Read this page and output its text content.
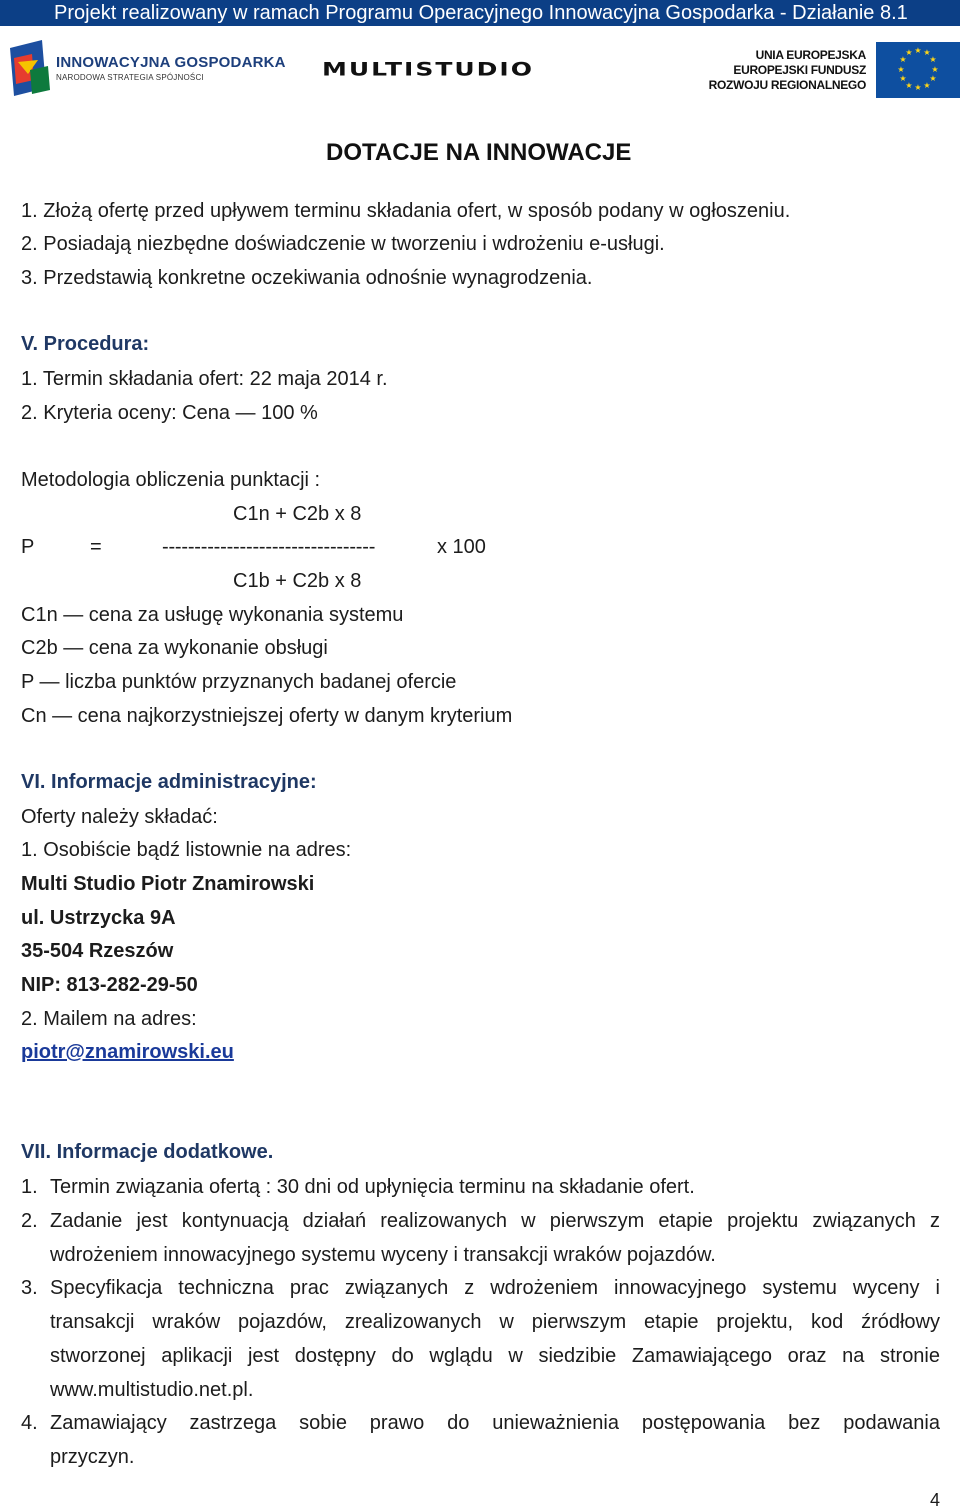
Projekt realizowany w ramach Programu Operacyjnego Innowacyjna Gospodarka - Działanie 8.1
INNOWACYJNA GOSPODARKA
NARODOWA STRATEGIA SPÓJNOŚCI	MULTISTUDIO
UNIA EUROPEJSKA
EUROPEJSKI FUNDUSZ
ROZWOJU REGIONALNEGO
★ ★
★
★
★
★
★
★
★
★
★
★
DOTACJE NA INNOWACJE
1. Złożą ofertę przed upływem terminu składania ofert, w sposób podany w ogłoszeniu.
2. Posiadają niezbędne doświadczenie w tworzeniu i wdrożeniu e-usługi.
3. Przedstawią konkretne oczekiwania odnośnie wynagrodzenia.
V. Procedura:
1. Termin składania ofert: 22 maja 2014 r.
2. Kryteria oceny: Cena — 100 %
Metodologia obliczenia punktacji :
C1n + C2b x 8
P	=	---------------------------------	x 100
C1b + C2b x 8
C1n — cena za usługę wykonania systemu
C2b — cena za wykonanie obsługi
P — liczba punktów przyznanych badanej ofercie
Cn — cena najkorzystniejszej oferty w danym kryterium
VI. Informacje administracyjne:
Oferty należy składać:
1. Osobiście bądź listownie na adres:
Multi Studio Piotr Znamirowski
ul. Ustrzycka 9A
35-504 Rzeszów
NIP: 813-282-29-50
2. Mailem na adres:
piotr@znamirowski.eu
VII. Informacje dodatkowe.
1. Termin związania ofertą : 30 dni od upłynięcia terminu na składanie ofert.
2. Zadanie jest kontynuacją działań realizowanych w pierwszym etapie projektu związanych z
wdrożeniem innowacyjnego systemu wyceny i transakcji wraków pojazdów.
3. Specyfikacja techniczna prac związanych z wdrożeniem innowacyjnego systemu wyceny i
transakcji wraków pojazdów, zrealizowanych w pierwszym etapie projektu, kod źródłowy
stworzonej aplikacji jest dostępny do wglądu w siedzibie Zamawiającego oraz na stronie
www.multistudio.net.pl.
4. Zamawiający zastrzega sobie prawo do unieważnienia postępowania bez podawania
przyczyn.
4
